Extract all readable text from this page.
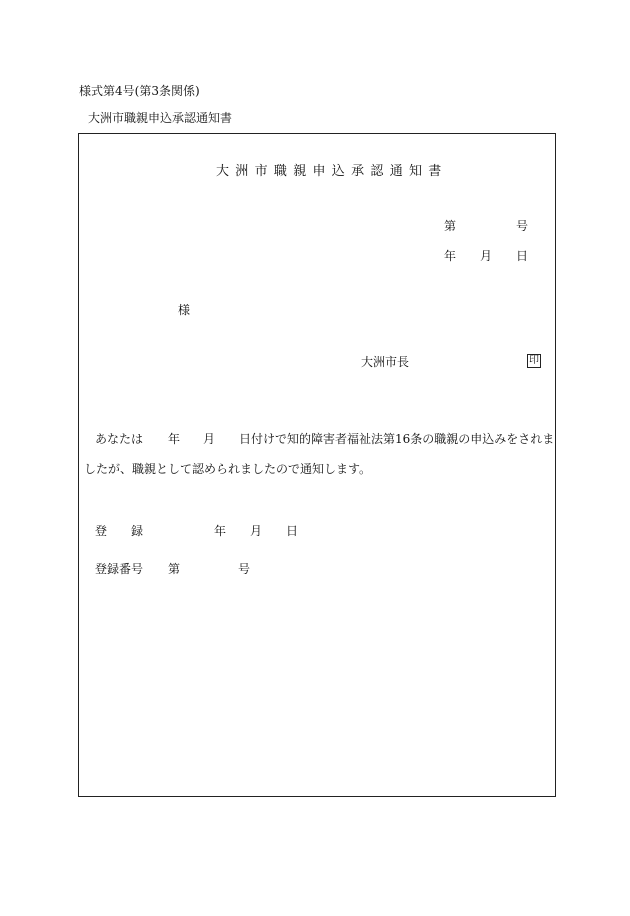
様式第4号(第3条関係)
大洲市職親申込承認通知書
大洲市職親申込承認通知書
第	号
年 月 日
様
大洲市長	印
あなたは 年 月 日付けで知的障害者福祉法第16条の職親の申込みをされま
したが、職親として認められましたので通知します。
登　　録	年 月 日
登録番号 第	号
